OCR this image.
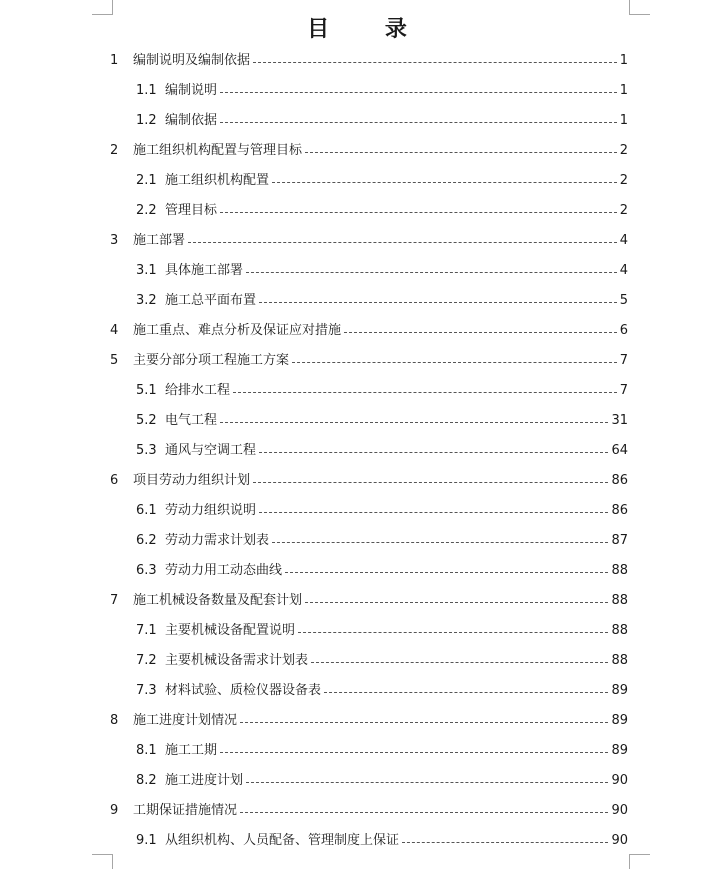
目 录
1	编制说明及编制依据	1
1.1 编制说明	1
1.2 编制依据	1
2	施工组织机构配置与管理目标	2
2.1 施工组织机构配置	2
2.2 管理目标	2
3	施工部署	4
3.1 具体施工部署	4
3.2 施工总平面布置	5
4	施工重点、难点分析及保证应对措施	6
5	主要分部分项工程施工方案	7
5.1 给排水工程	7
5.2 电气工程	31
5.3 通风与空调工程	64
6	项目劳动力组织计划	86
6.1 劳动力组织说明	86
6.2 劳动力需求计划表	87
6.3 劳动力用工动态曲线	88
7	施工机械设备数量及配套计划	88
7.1 主要机械设备配置说明	88
7.2 主要机械设备需求计划表	88
7.3 材料试验、质检仪器设备表	89
8	施工进度计划情况	89
8.1 施工工期	89
8.2 施工进度计划	90
9	工期保证措施情况	90
9.1 从组织机构、人员配备、管理制度上保证	90
